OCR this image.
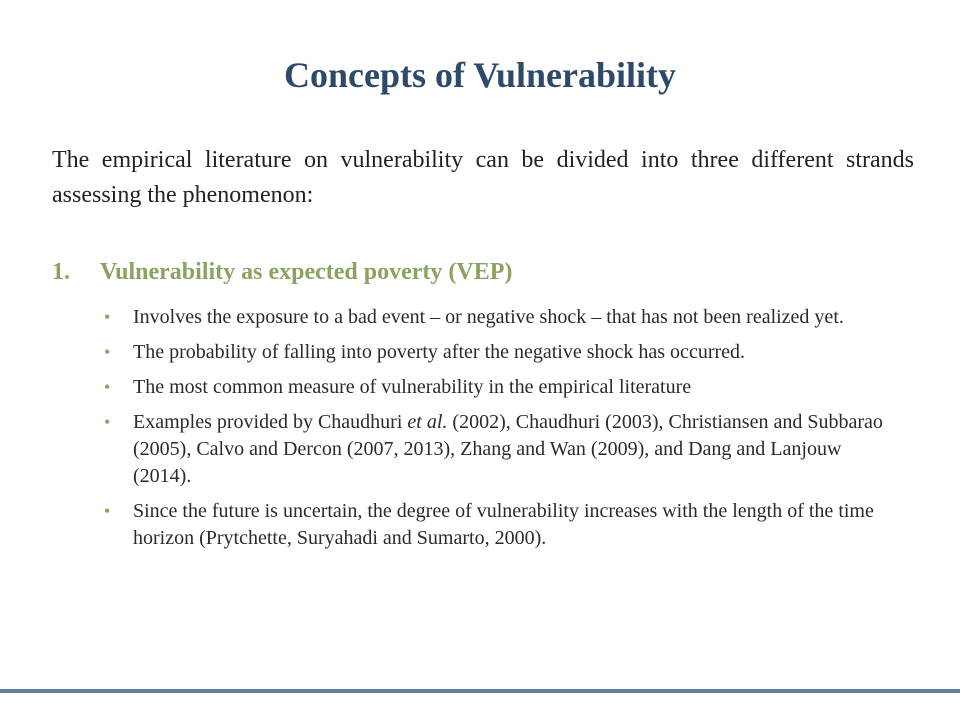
Concepts of Vulnerability
The empirical literature on vulnerability can be divided into three different strands assessing the phenomenon:
1.	Vulnerability as expected poverty (VEP)
• Involves the exposure to a bad event – or negative shock – that has not been realized yet.
• The probability of falling into poverty after the negative shock has occurred.
• The most common measure of vulnerability in the empirical literature
• Examples provided by Chaudhuri et al. (2002), Chaudhuri (2003), Christiansen and Subbarao (2005), Calvo and Dercon (2007, 2013), Zhang and Wan (2009), and Dang and Lanjouw (2014).
• Since the future is uncertain, the degree of vulnerability increases with the length of the time horizon (Prytchette, Suryahadi and Sumarto, 2000).
